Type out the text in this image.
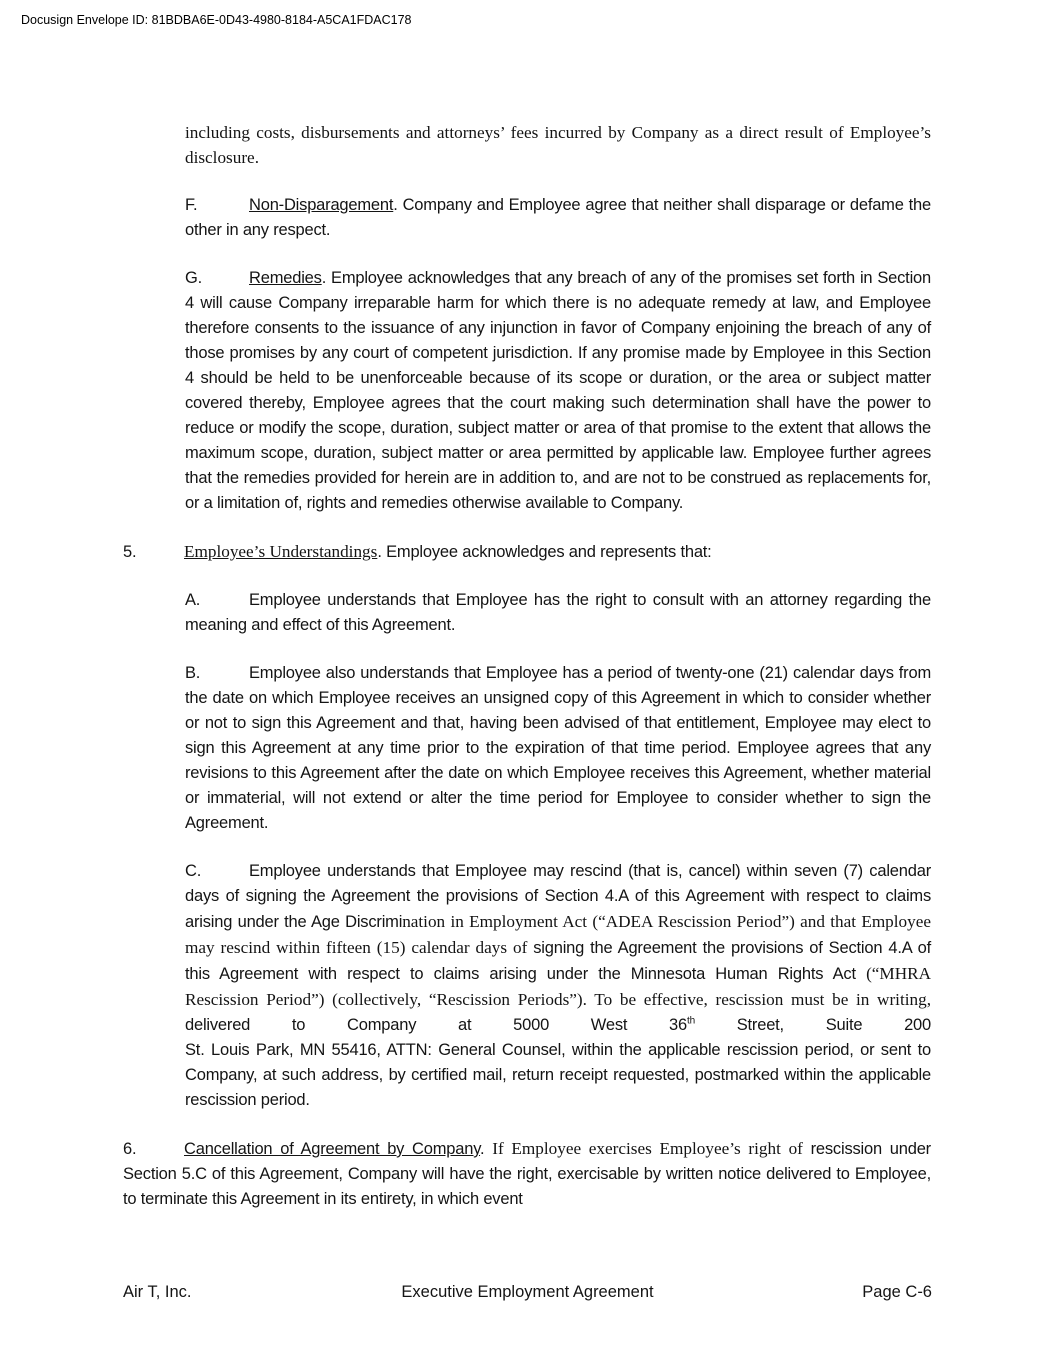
Docusign Envelope ID: 81BDBA6E-0D43-4980-8184-A5CA1FDAC178
including costs, disbursements and attorneys’ fees incurred by Company as a direct result of Employee’s disclosure.
F.	Non-Disparagement. Company and Employee agree that neither shall disparage or defame the other in any respect.
G.	Remedies. Employee acknowledges that any breach of any of the promises set forth in Section 4 will cause Company irreparable harm for which there is no adequate remedy at law, and Employee therefore consents to the issuance of any injunction in favor of Company enjoining the breach of any of those promises by any court of competent jurisdiction. If any promise made by Employee in this Section 4 should be held to be unenforceable because of its scope or duration, or the area or subject matter covered thereby, Employee agrees that the court making such determination shall have the power to reduce or modify the scope, duration, subject matter or area of that promise to the extent that allows the maximum scope, duration, subject matter or area permitted by applicable law. Employee further agrees that the remedies provided for herein are in addition to, and are not to be construed as replacements for, or a limitation of, rights and remedies otherwise available to Company.
5.	Employee’s Understandings. Employee acknowledges and represents that:
A.	Employee understands that Employee has the right to consult with an attorney regarding the meaning and effect of this Agreement.
B.	Employee also understands that Employee has a period of twenty-one (21) calendar days from the date on which Employee receives an unsigned copy of this Agreement in which to consider whether or not to sign this Agreement and that, having been advised of that entitlement, Employee may elect to sign this Agreement at any time prior to the expiration of that time period. Employee agrees that any revisions to this Agreement after the date on which Employee receives this Agreement, whether material or immaterial, will not extend or alter the time period for Employee to consider whether to sign the Agreement.
C.	Employee understands that Employee may rescind (that is, cancel) within seven (7) calendar days of signing the Agreement the provisions of Section 4.A of this Agreement with respect to claims arising under the Age Discrimination in Employment Act (“ADEA Rescission Period”) and that Employee may rescind within fifteen (15) calendar days of signing the Agreement the provisions of Section 4.A of this Agreement with respect to claims arising under the Minnesota Human Rights Act (“MHRA Rescission Period”) (collectively, “Rescission Periods”). To be effective, rescission must be in writing,
delivered to Company at 5000 West 36th Street, Suite 200
St. Louis Park, MN 55416, ATTN: General Counsel, within the applicable rescission period, or sent to Company, at such address, by certified mail, return receipt requested, postmarked within the applicable rescission period.
6.	Cancellation of Agreement by Company. If Employee exercises Employee’s right of rescission under Section 5.C of this Agreement, Company will have the right, exercisable by written notice delivered to Employee, to terminate this Agreement in its entirety, in which event
Air T, Inc.	Executive Employment Agreement	Page C-6
